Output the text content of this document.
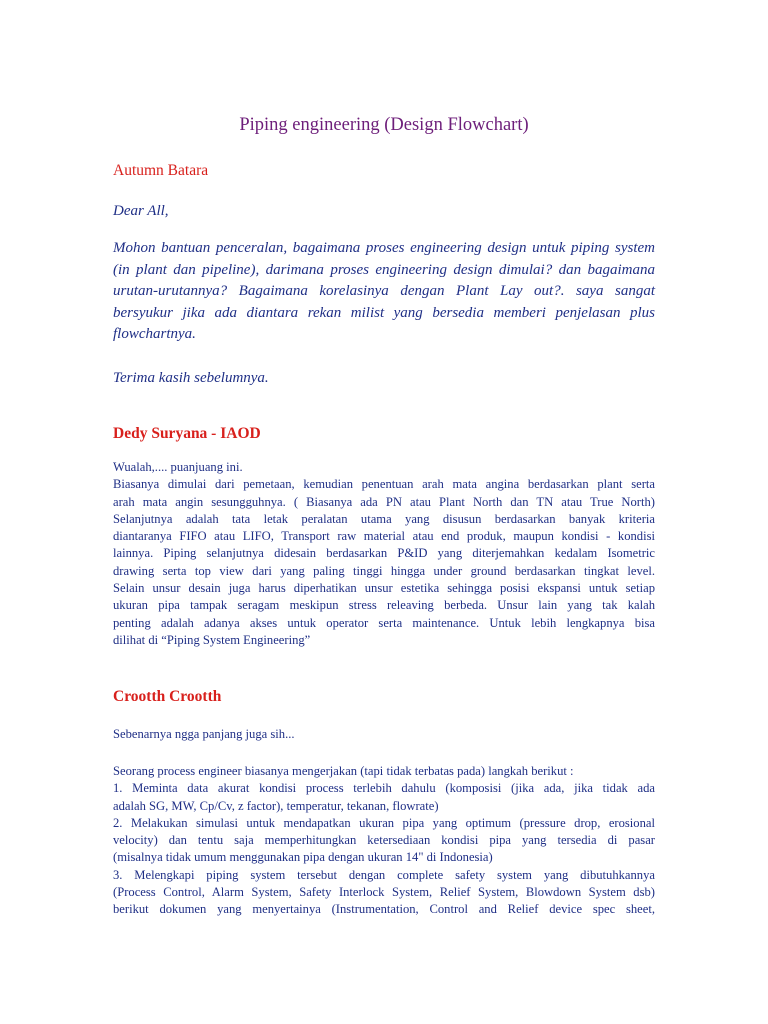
Piping engineering (Design Flowchart)
Autumn Batara
Dear All,

Mohon bantuan penceralan, bagaimana proses engineering design untuk piping system (in plant dan pipeline), darimana proses engineering design dimulai? dan bagaimana urutan-urutannya? Bagaimana korelasinya dengan Plant Lay out?. saya sangat bersyukur jika ada diantara rekan milist yang bersedia memberi penjelasan plus flowchartnya.

Terima kasih sebelumnya.
Dedy Suryana - IAOD
Wualah,.... puanjuang ini.
Biasanya dimulai dari pemetaan, kemudian penentuan arah mata angina berdasarkan plant serta
arah mata angin sesungguhnya. ( Biasanya ada PN atau Plant North dan TN atau True North)
Selanjutnya adalah tata letak peralatan utama yang disusun berdasarkan banyak kriteria
diantaranya FIFO atau LIFO, Transport raw material atau end produk, maupun kondisi - kondisi
lainnya. Piping selanjutnya didesain berdasarkan P&ID yang diterjemahkan kedalam Isometric
drawing serta top view dari yang paling tinggi hingga under ground berdasarkan tingkat level.
Selain unsur desain juga harus diperhatikan unsur estetika sehingga posisi ekspansi untuk setiap
ukuran pipa tampak seragam meskipun stress releaving berbeda. Unsur lain yang tak kalah
penting adalah adanya akses untuk operator serta maintenance. Untuk lebih lengkapnya bisa
dilihat di “Piping System Engineering”
Crootth Crootth
Sebenarnya ngga panjang juga sih...
Seorang process engineer biasanya mengerjakan (tapi tidak terbatas pada) langkah berikut :
1. Meminta data akurat kondisi process terlebih dahulu (komposisi (jika ada, jika tidak ada
adalah SG, MW, Cp/Cv, z factor), temperatur, tekanan, flowrate)
2. Melakukan simulasi untuk mendapatkan ukuran pipa yang optimum (pressure drop, erosional
velocity) dan tentu saja memperhitungkan ketersediaan kondisi pipa yang tersedia di pasar
(misalnya tidak umum menggunakan pipa dengan ukuran 14" di Indonesia)
3. Melengkapi piping system tersebut dengan complete safety system yang dibutuhkannya
(Process Control, Alarm System, Safety Interlock System, Relief System, Blowdown System dsb)
berikut dokumen yang menyertainya (Instrumentation, Control and Relief device spec sheet,
